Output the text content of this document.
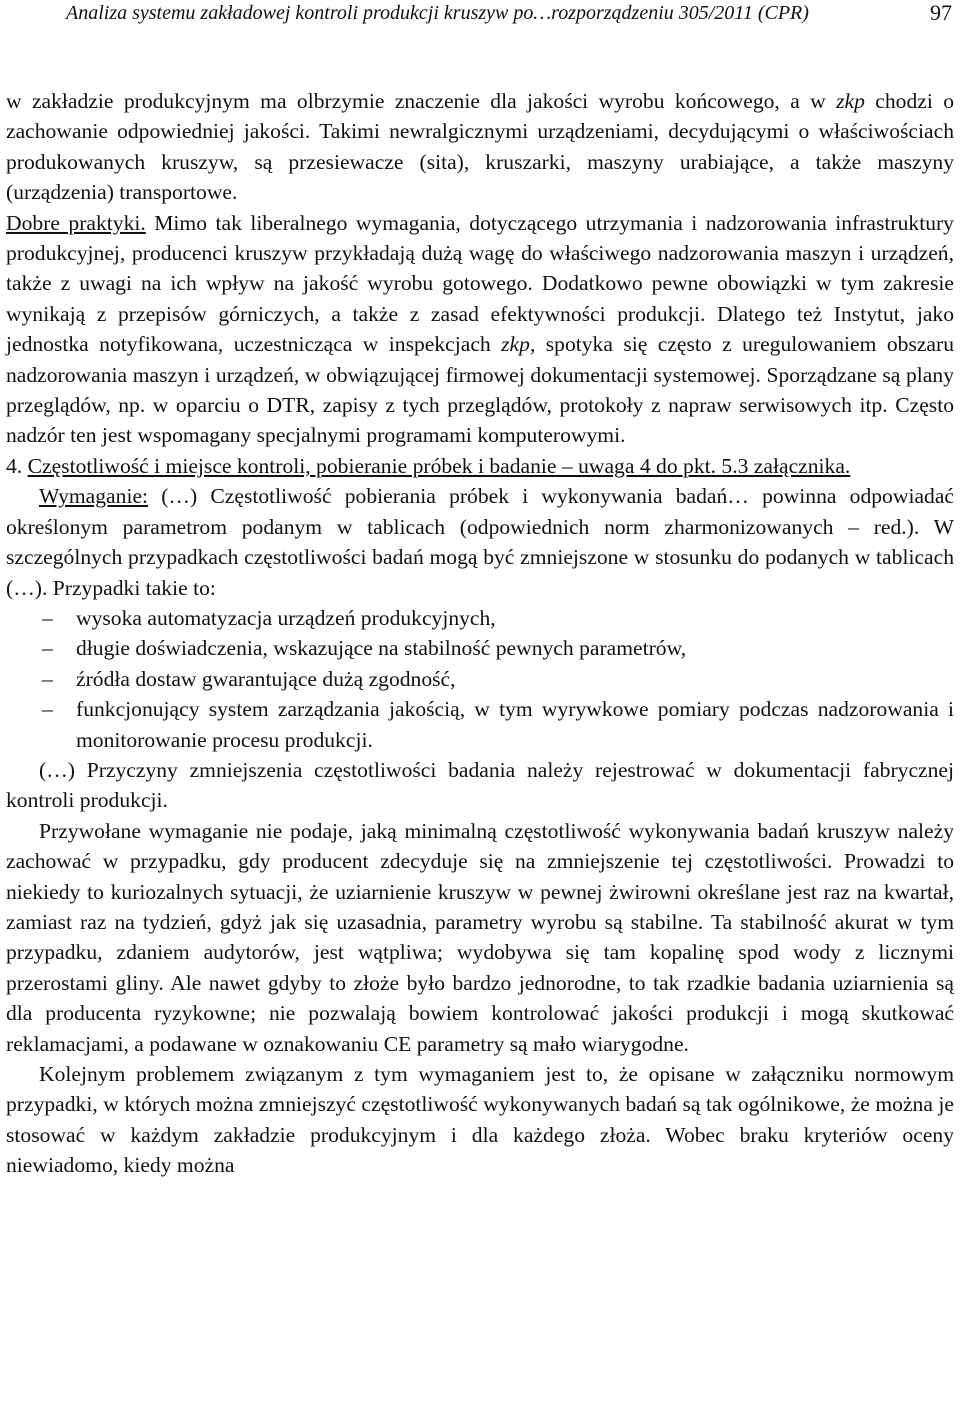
Analiza systemu zakładowej kontroli produkcji kruszyw po…rozporządzeniu 305/2011 (CPR)	97

w zakładzie produkcyjnym ma olbrzymie znaczenie dla jakości wyrobu końcowego, a w zkp chodzi o zachowanie odpowiedniej jakości. Takimi newralgicznymi urządzeniami, decydującymi o właściwościach produkowanych kruszyw, są przesiewacze (sita), kruszarki, maszyny urabiające, a także maszyny (urządzenia) transportowe.

Dobre praktyki. Mimo tak liberalnego wymagania, dotyczącego utrzymania i nadzorowania infrastruktury produkcyjnej, producenci kruszyw przykładają dużą wagę do właściwego nadzorowania maszyn i urządzeń, także z uwagi na ich wpływ na jakość wyrobu gotowego. Dodatkowo pewne obowiązki w tym zakresie wynikają z przepisów górniczych, a także z zasad efektywności produkcji. Dlatego też Instytut, jako jednostka notyfikowana, uczestnicząca w inspekcjach zkp, spotyka się często z uregulowaniem obszaru nadzorowania maszyn i urządzeń, w obwiązującej firmowej dokumentacji systemowej. Sporządzane są plany przeglądów, np. w oparciu o DTR, zapisy z tych przeglądów, protokoły z napraw serwisowych itp. Często nadzór ten jest wspomagany specjalnymi programami komputerowymi.

4. Częstotliwość i miejsce kontroli, pobieranie próbek i badanie – uwaga 4 do pkt. 5.3 załącznika.

Wymaganie: (…) Częstotliwość pobierania próbek i wykonywania badań… powinna odpowiadać określonym parametrom podanym w tablicach (odpowiednich norm zharmonizowanych – red.). W szczególnych przypadkach częstotliwości badań mogą być zmniejszone w stosunku do podanych w tablicach (…). Przypadki takie to:

– wysoka automatyzacja urządzeń produkcyjnych,
– długie doświadczenia, wskazujące na stabilność pewnych parametrów,
– źródła dostaw gwarantujące dużą zgodność,
– funkcjonujący system zarządzania jakością, w tym wyrywkowe pomiary podczas nadzorowania i monitorowanie procesu produkcji.

(…) Przyczyny zmniejszenia częstotliwości badania należy rejestrować w dokumentacji fabrycznej kontroli produkcji.

Przywołane wymaganie nie podaje, jaką minimalną częstotliwość wykonywania badań kruszyw należy zachować w przypadku, gdy producent zdecyduje się na zmniejszenie tej częstotliwości. Prowadzi to niekiedy to kuriozalnych sytuacji, że uziarnienie kruszyw w pewnej żwirowni określane jest raz na kwartał, zamiast raz na tydzień, gdyż jak się uzasadnia, parametry wyrobu są stabilne. Ta stabilność akurat w tym przypadku, zdaniem audytorów, jest wątpliwa; wydobywa się tam kopalinę spod wody z licznymi przerostami gliny. Ale nawet gdyby to złoże było bardzo jednorodne, to tak rzadkie badania uziarnienia są dla producenta ryzykowne; nie pozwalają bowiem kontrolować jakości produkcji i mogą skutkować reklamacjami, a podawane w oznakowaniu CE parametry są mało wiarygodne.

Kolejnym problemem związanym z tym wymaganiem jest to, że opisane w załączniku normowym przypadki, w których można zmniejszyć częstotliwość wykonywanych badań są tak ogólnikowe, że można je stosować w każdym zakładzie produkcyjnym i dla każdego złoża. Wobec braku kryteriów oceny niewiadomo, kiedy można
